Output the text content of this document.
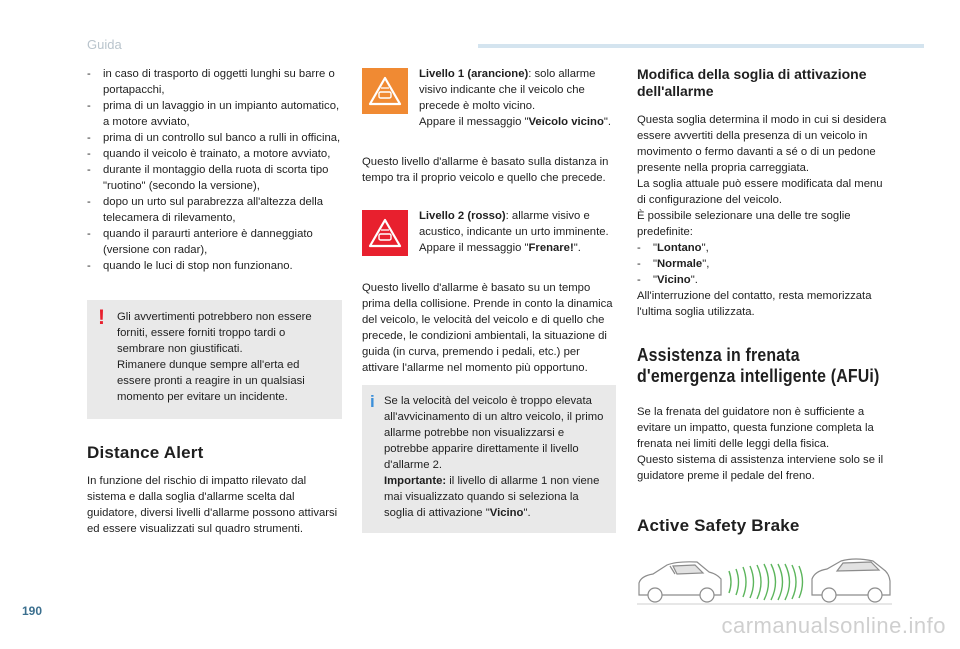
Guida
- in caso di trasporto di oggetti lunghi su barre o portapacchi,
- prima di un lavaggio in un impianto automatico, a motore avviato,
- prima di un controllo sul banco a rulli in officina,
- quando il veicolo è trainato, a motore avviato,
- durante il montaggio della ruota di scorta tipo "ruotino" (secondo la versione),
- dopo un urto sul parabrezza all'altezza della telecamera di rilevamento,
- quando il paraurti anteriore è danneggiato (versione con radar),
- quando le luci di stop non funzionano.
! Gli avvertimenti potrebbero non essere forniti, essere forniti troppo tardi o sembrare non giustificati.

Rimanere dunque sempre all'erta ed essere pronti a reagire in un qualsiasi momento per evitare un incidente.

Distance Alert

In funzione del rischio di impatto rilevato dal sistema e dalla soglia d'allarme scelta dal guidatore, diversi livelli d'allarme possono attivarsi ed essere visualizzati sul quadro strumenti.

Livello 1 (arancione): solo allarme visivo indicante che il veicolo che precede è molto vicino.

Appare il messaggio "Veicolo vicino".

Questo livello d'allarme è basato sulla distanza in tempo tra il proprio veicolo e quello che precede.

Livello 2 (rosso): allarme visivo e acustico, indicante un urto imminente.

Appare il messaggio "Frenare!".

Questo livello d'allarme è basato su un tempo prima della collisione. Prende in conto la dinamica del veicolo, le velocità del veicolo e di quello che precede, le condizioni ambientali, la situazione di guida (in curva, premendo i pedali, etc.) per attivare l'allarme nel momento più opportuno.

i Se la velocità del veicolo è troppo elevata all'avvicinamento di un altro veicolo, il primo allarme potrebbe non visualizzarsi e potrebbe apparire direttamente il livello d'allarme 2.

Importante: il livello di allarme 1 non viene mai visualizzato quando si seleziona la soglia di attivazione "Vicino".

Modifica della soglia di attivazione dell'allarme

Questa soglia determina il modo in cui si desidera essere avvertiti della presenza di un veicolo in movimento o fermo davanti a sé o di un pedone presente nella propria carreggiata.

La soglia attuale può essere modificata dal menu di configurazione del veicolo.

È possibile selezionare una delle tre soglie predefinite:

- "Lontano",
- "Normale",
- "Vicino".

All'interruzione del contatto, resta memorizzata l'ultima soglia utilizzata.

Assistenza in frenata
d'emergenza intelligente (AFUi)

Se la frenata del guidatore non è sufficiente a evitare un impatto, questa funzione completa la frenata nei limiti delle leggi della fisica.

Questo sistema di assistenza interviene solo se il guidatore preme il pedale del freno.

Active Safety Brake
190
carmanualsonline.info
